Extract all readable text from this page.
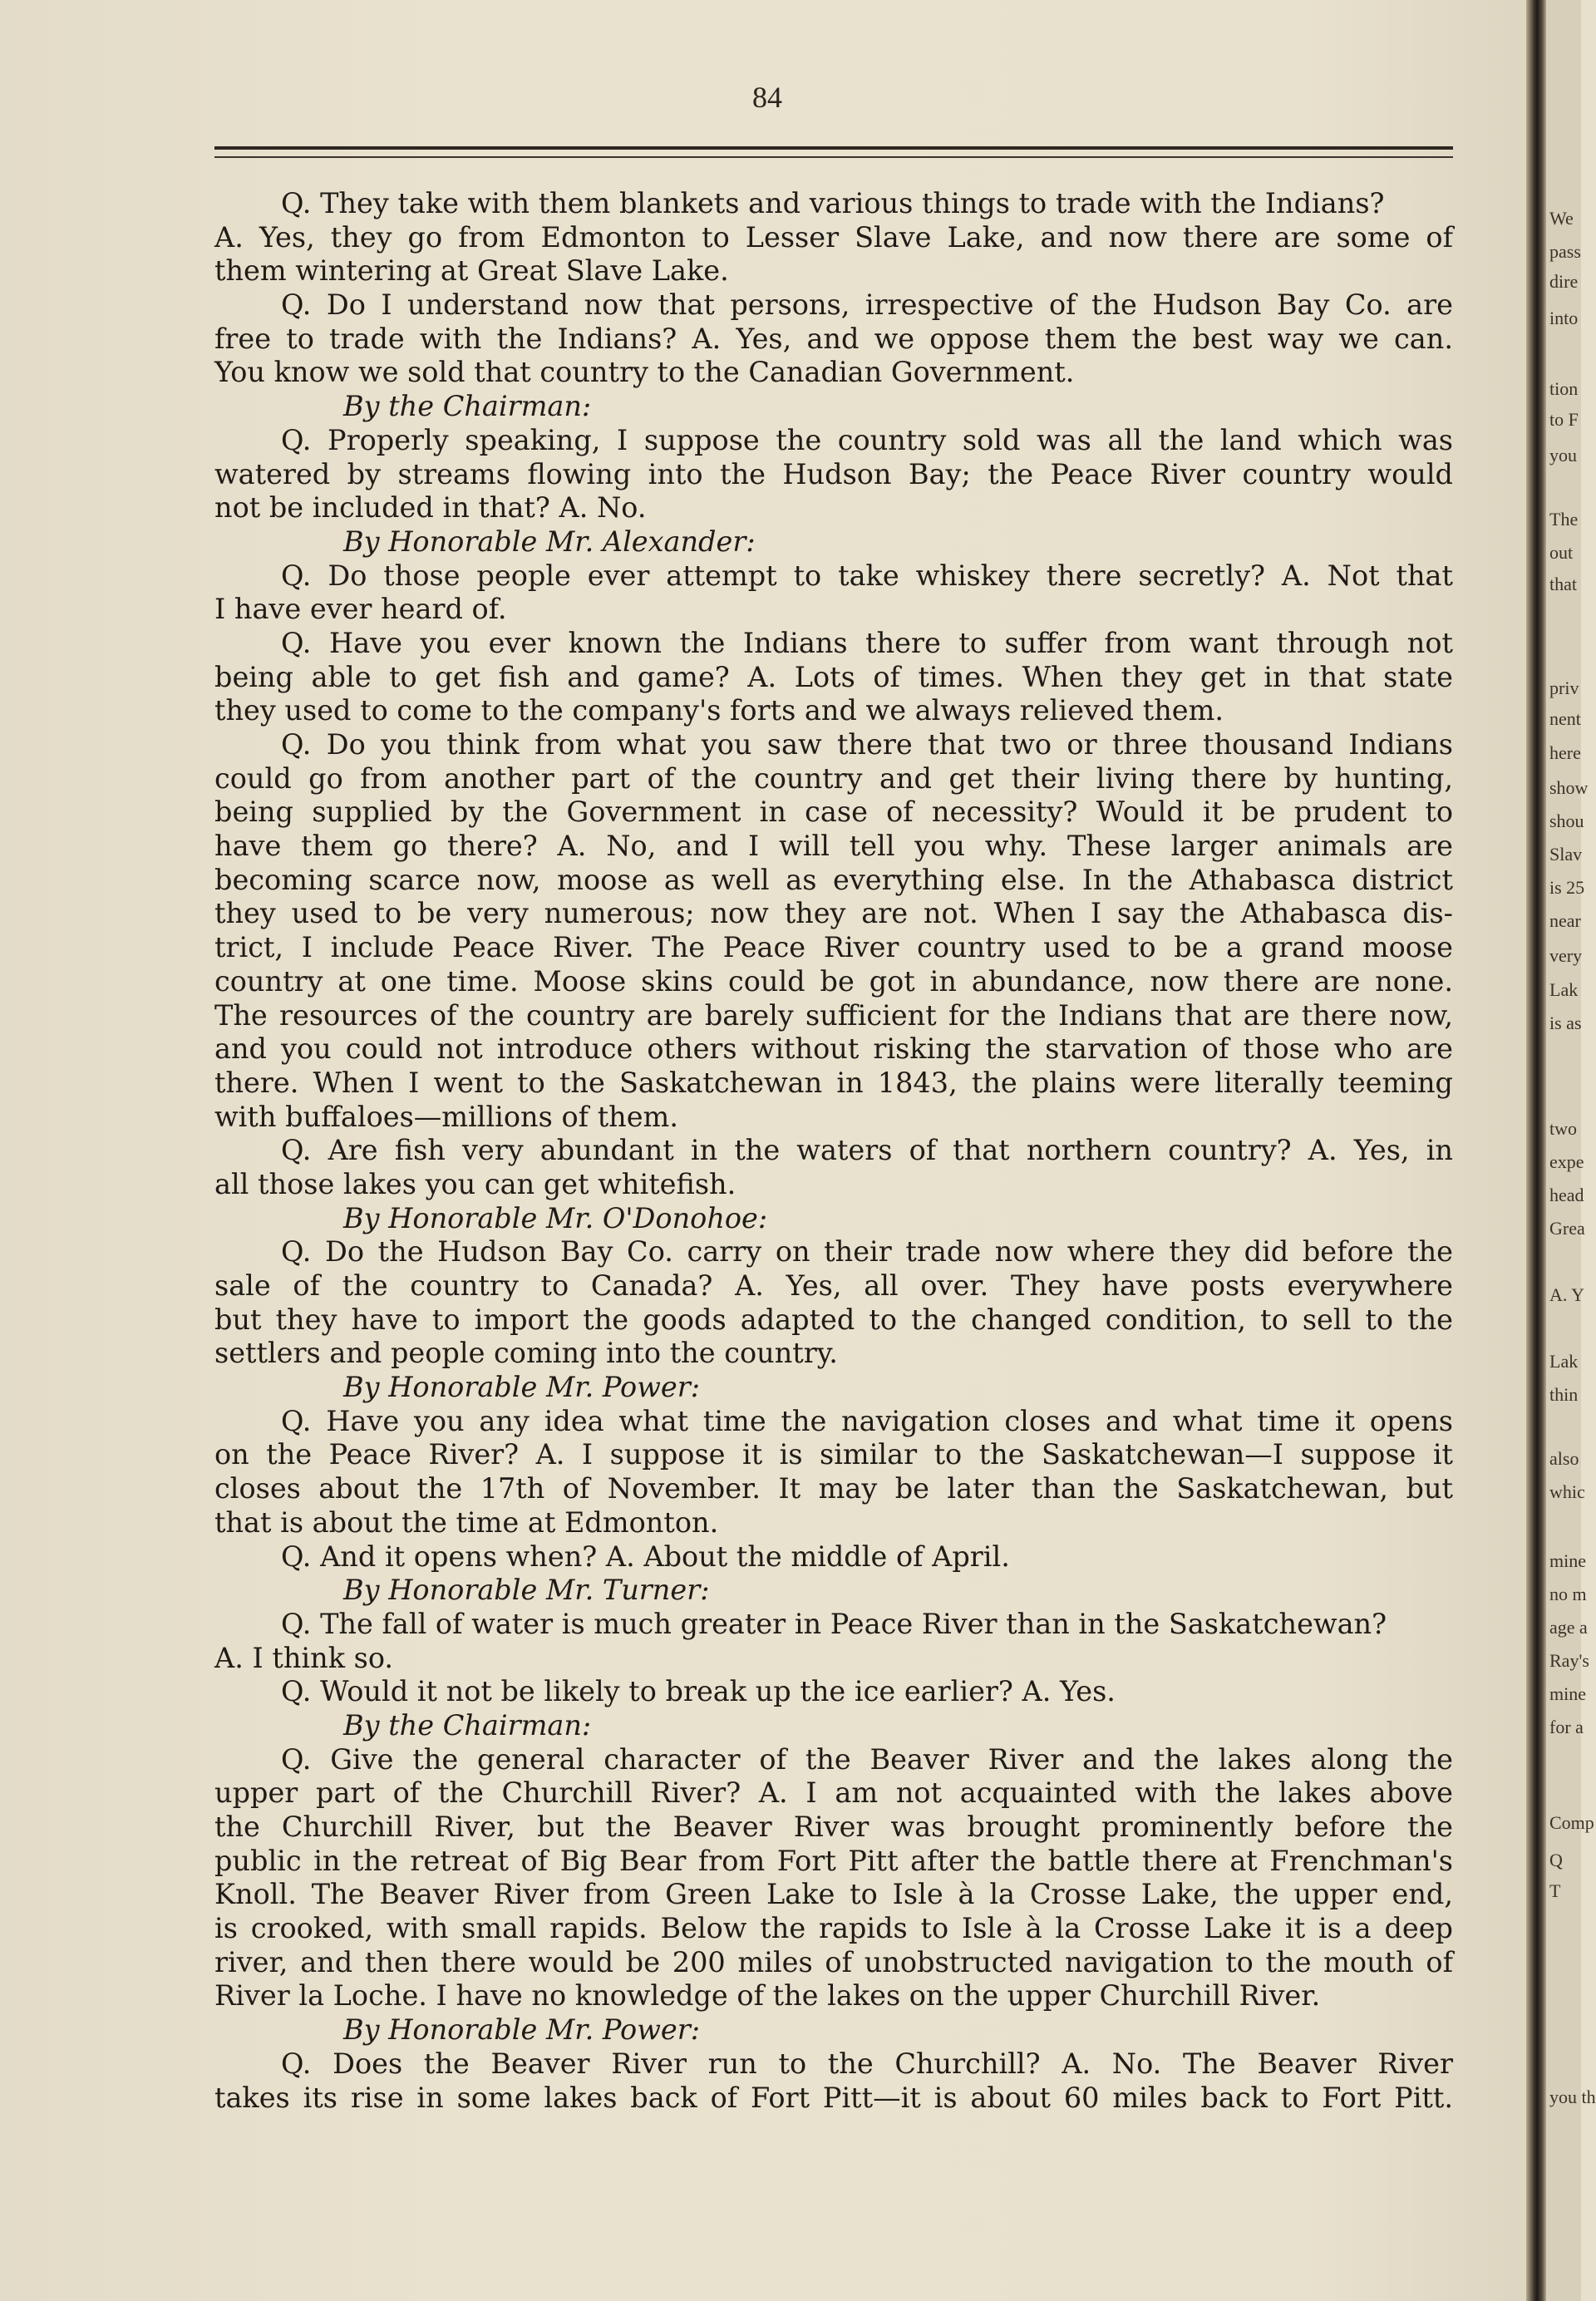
We
pass
dire
into
tion
to F
you
The
out
that
priv
nent
here
show
shou
Slav
is 25
near
very
Lak
is as
two
expe
head
Grea
A. Y
Lak
thin
also
whic
mine
no m
age a
Ray's
mine
for a
Comp
Q
T
you th
84
Q. They take with them blankets and various things to trade with the Indians?
A. Yes, they go from Edmonton to Lesser Slave Lake, and now there are some of
them wintering at Great Slave Lake.
Q. Do I understand now that persons, irrespective of the Hudson Bay Co. are
free to trade with the Indians? A. Yes, and we oppose them the best way we can.
You know we sold that country to the Canadian Government.
By the Chairman:
Q. Properly speaking, I suppose the country sold was all the land which was
watered by streams flowing into the Hudson Bay; the Peace River country would
not be included in that? A. No.
By Honorable Mr. Alexander:
Q. Do those people ever attempt to take whiskey there secretly? A. Not that
I have ever heard of.
Q. Have you ever known the Indians there to suffer from want through not
being able to get fish and game? A. Lots of times. When they get in that state
they used to come to the company's forts and we always relieved them.
Q. Do you think from what you saw there that two or three thousand Indians
could go from another part of the country and get their living there by hunting,
being supplied by the Government in case of necessity? Would it be prudent to
have them go there? A. No, and I will tell you why. These larger animals are
becoming scarce now, moose as well as everything else. In the Athabasca district
they used to be very numerous; now they are not. When I say the Athabasca dis-
trict, I include Peace River. The Peace River country used to be a grand moose
country at one time. Moose skins could be got in abundance, now there are none.
The resources of the country are barely sufficient for the Indians that are there now,
and you could not introduce others without risking the starvation of those who are
there. When I went to the Saskatchewan in 1843, the plains were literally teeming
with buffaloes—millions of them.
Q. Are fish very abundant in the waters of that northern country? A. Yes, in
all those lakes you can get whitefish.
By Honorable Mr. O'Donohoe:
Q. Do the Hudson Bay Co. carry on their trade now where they did before the
sale of the country to Canada? A. Yes, all over. They have posts everywhere
but they have to import the goods adapted to the changed condition, to sell to the
settlers and people coming into the country.
By Honorable Mr. Power:
Q. Have you any idea what time the navigation closes and what time it opens
on the Peace River? A. I suppose it is similar to the Saskatchewan—I suppose it
closes about the 17th of November. It may be later than the Saskatchewan, but
that is about the time at Edmonton.
Q. And it opens when? A. About the middle of April.
By Honorable Mr. Turner:
Q. The fall of water is much greater in Peace River than in the Saskatchewan?
A. I think so.
Q. Would it not be likely to break up the ice earlier? A. Yes.
By the Chairman:
Q. Give the general character of the Beaver River and the lakes along the
upper part of the Churchill River? A. I am not acquainted with the lakes above
the Churchill River, but the Beaver River was brought prominently before the
public in the retreat of Big Bear from Fort Pitt after the battle there at Frenchman's
Knoll. The Beaver River from Green Lake to Isle à la Crosse Lake, the upper end,
is crooked, with small rapids. Below the rapids to Isle à la Crosse Lake it is a deep
river, and then there would be 200 miles of unobstructed navigation to the mouth of
River la Loche. I have no knowledge of the lakes on the upper Churchill River.
By Honorable Mr. Power:
Q. Does the Beaver River run to the Churchill? A. No. The Beaver River
takes its rise in some lakes back of Fort Pitt—it is about 60 miles back to Fort Pitt.
